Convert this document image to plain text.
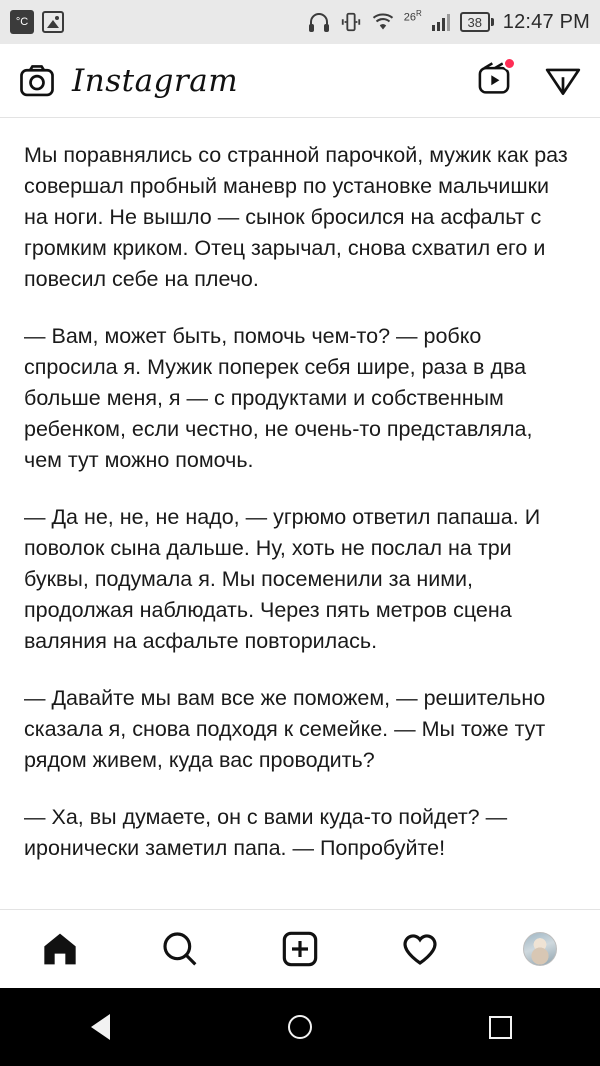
°C	$26^R$
38	12:47 PM
Instagram

Мы поравнялись со странной парочкой, мужик как раз совершал пробный маневр по установке мальчишки на ноги. Не вышло — сынок бросился на асфальт с громким криком. Отец зарычал, снова схватил его и повесил себе на плечо.

— Вам, может быть, помочь чем-то? — робко спросила я. Мужик поперек себя шире, раза в два больше меня, я — с продуктами и собственным ребенком, если честно, не очень-то представляла, чем тут можно помочь.

— Да не, не, не надо, — угрюмо ответил папаша. И поволок сына дальше. Ну, хоть не послал на три буквы, подумала я. Мы посеменили за ними, продолжая наблюдать. Через пять метров сцена валяния на асфальте повторилась.

— Давайте мы вам все же поможем, — решительно сказала я, снова подходя к семейке. — Мы тоже тут рядом живем, куда вас проводить?

— Ха, вы думаете, он с вами куда-то пойдет? — иронически заметил папа. — Попробуйте!
